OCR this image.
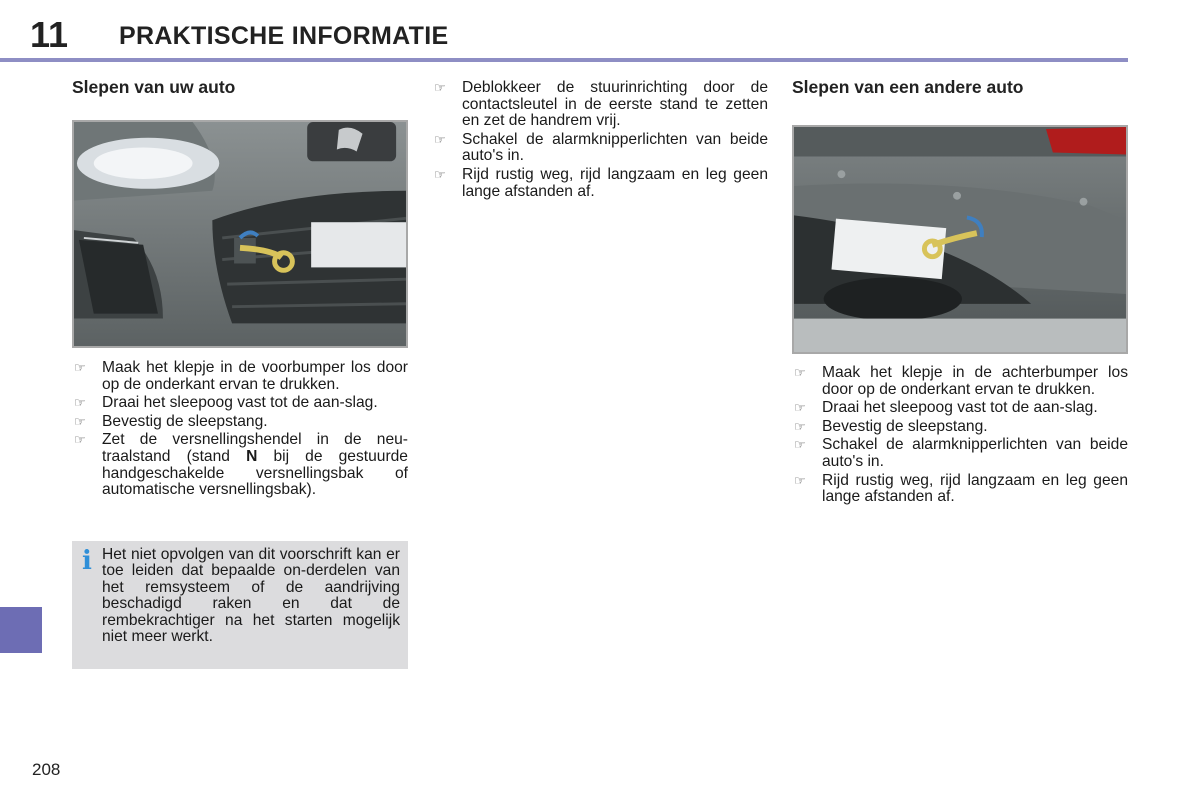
11 PRAKTISCHE INFORMATIE
Slepen van uw auto
☞ Maak het klepje in de voorbumper los door op de onderkant ervan te drukken.
☞ Draai het sleepoog vast tot de aan-slag.
☞ Bevestig de sleepstang.
☞ Zet de versnellingshendel in de neu-traalstand (stand N bij de gestuurde handgeschakelde versnellingsbak of automatische versnellingsbak).
i Het niet opvolgen van dit voorschrift kan er toe leiden dat bepaalde on-derdelen van het remsysteem of de aandrijving beschadigd raken en dat de rembekrachtiger na het starten mogelijk niet meer werkt.
☞ Deblokkeer de stuurinrichting door de contactsleutel in de eerste stand te zetten en zet de handrem vrij.
☞ Schakel de alarmknipperlichten van beide auto's in.
☞ Rijd rustig weg, rijd langzaam en leg geen lange afstanden af.
Slepen van een andere auto
☞ Maak het klepje in de achterbumper los door op de onderkant ervan te drukken.
☞ Draai het sleepoog vast tot de aan-slag.
☞ Bevestig de sleepstang.
☞ Schakel de alarmknipperlichten van beide auto's in.
☞ Rijd rustig weg, rijd langzaam en leg geen lange afstanden af.
208
